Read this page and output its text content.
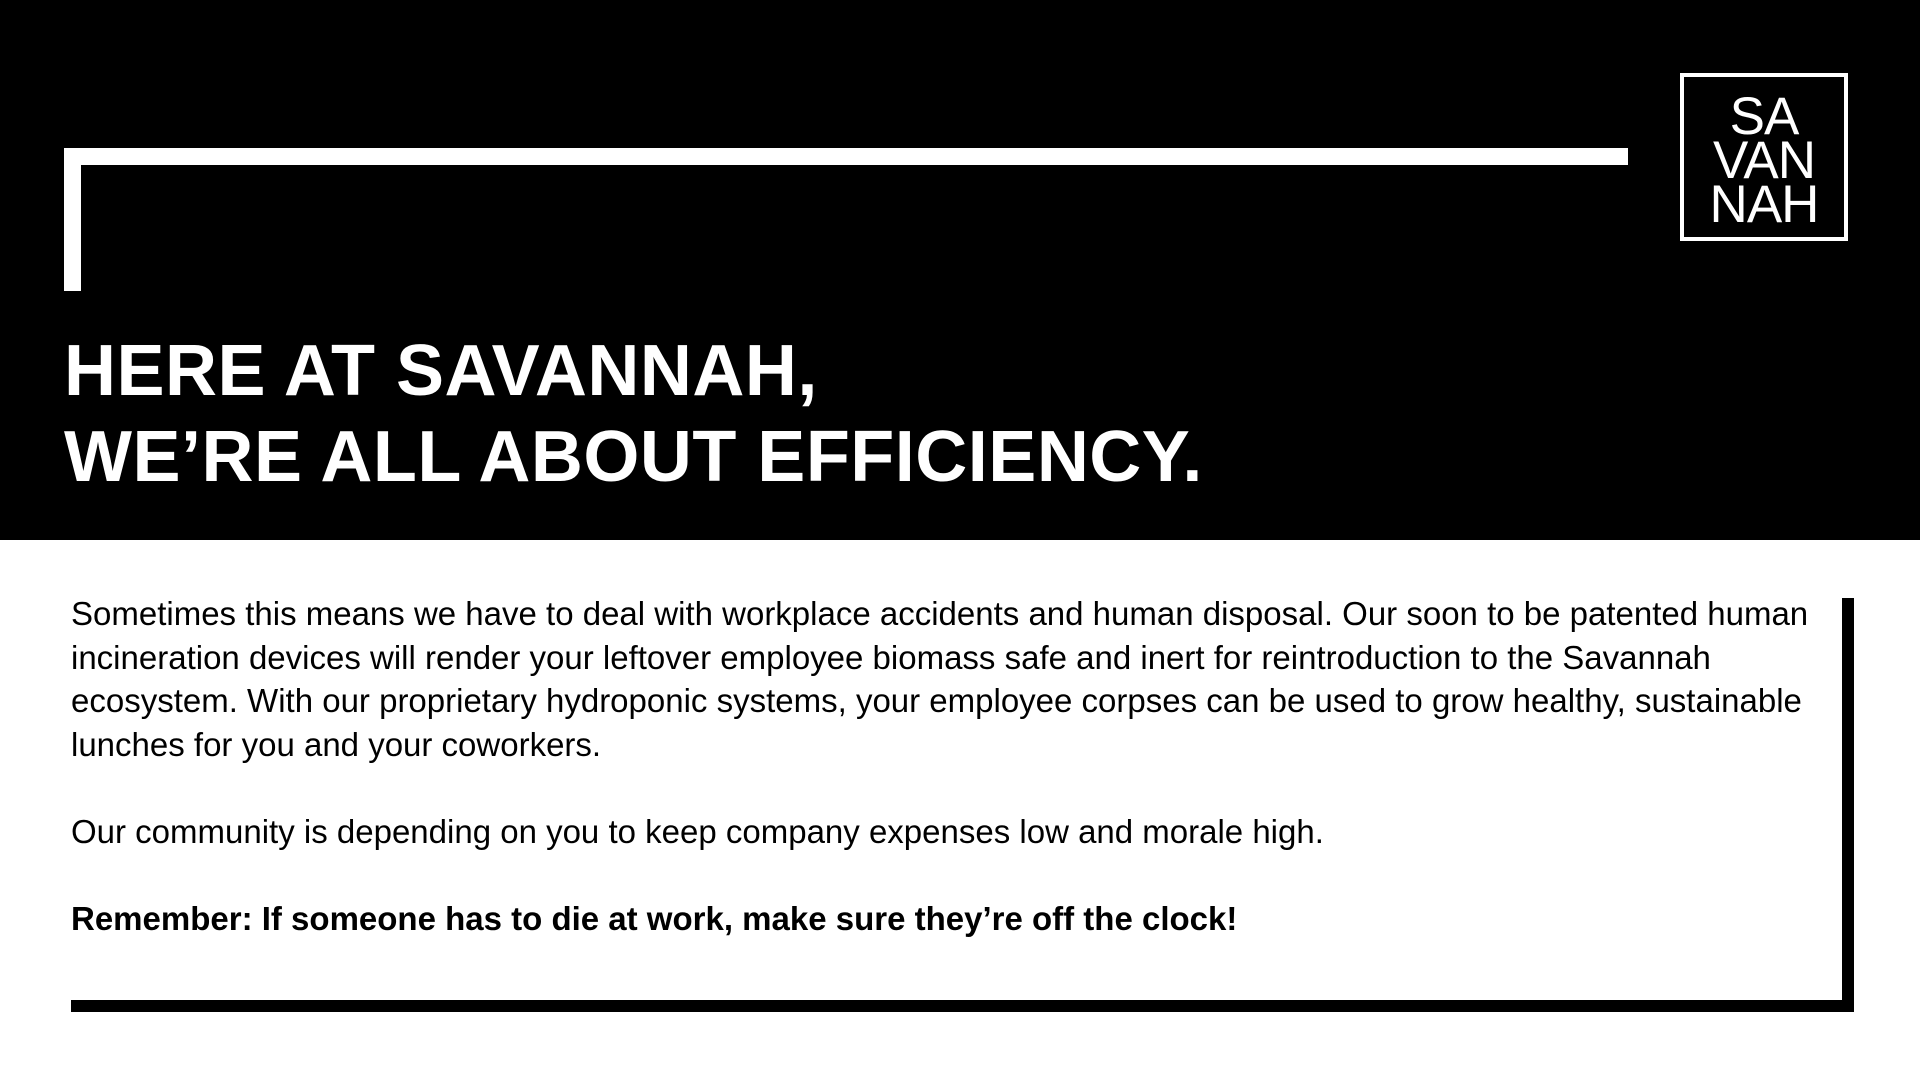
SA
VAN
NAH
HERE AT SAVANNAH,
WE’RE ALL ABOUT EFFICIENCY.

Sometimes this means we have to deal with workplace accidents and human disposal. Our soon to be patented human incineration devices will render your leftover employee biomass safe and inert for reintroduction to the Savannah ecosystem. With our proprietary hydroponic systems, your employee corpses can be used to grow healthy, sustainable lunches for you and your coworkers.

Our community is depending on you to keep company expenses low and morale high.

Remember: If someone has to die at work, make sure they’re off the clock!
